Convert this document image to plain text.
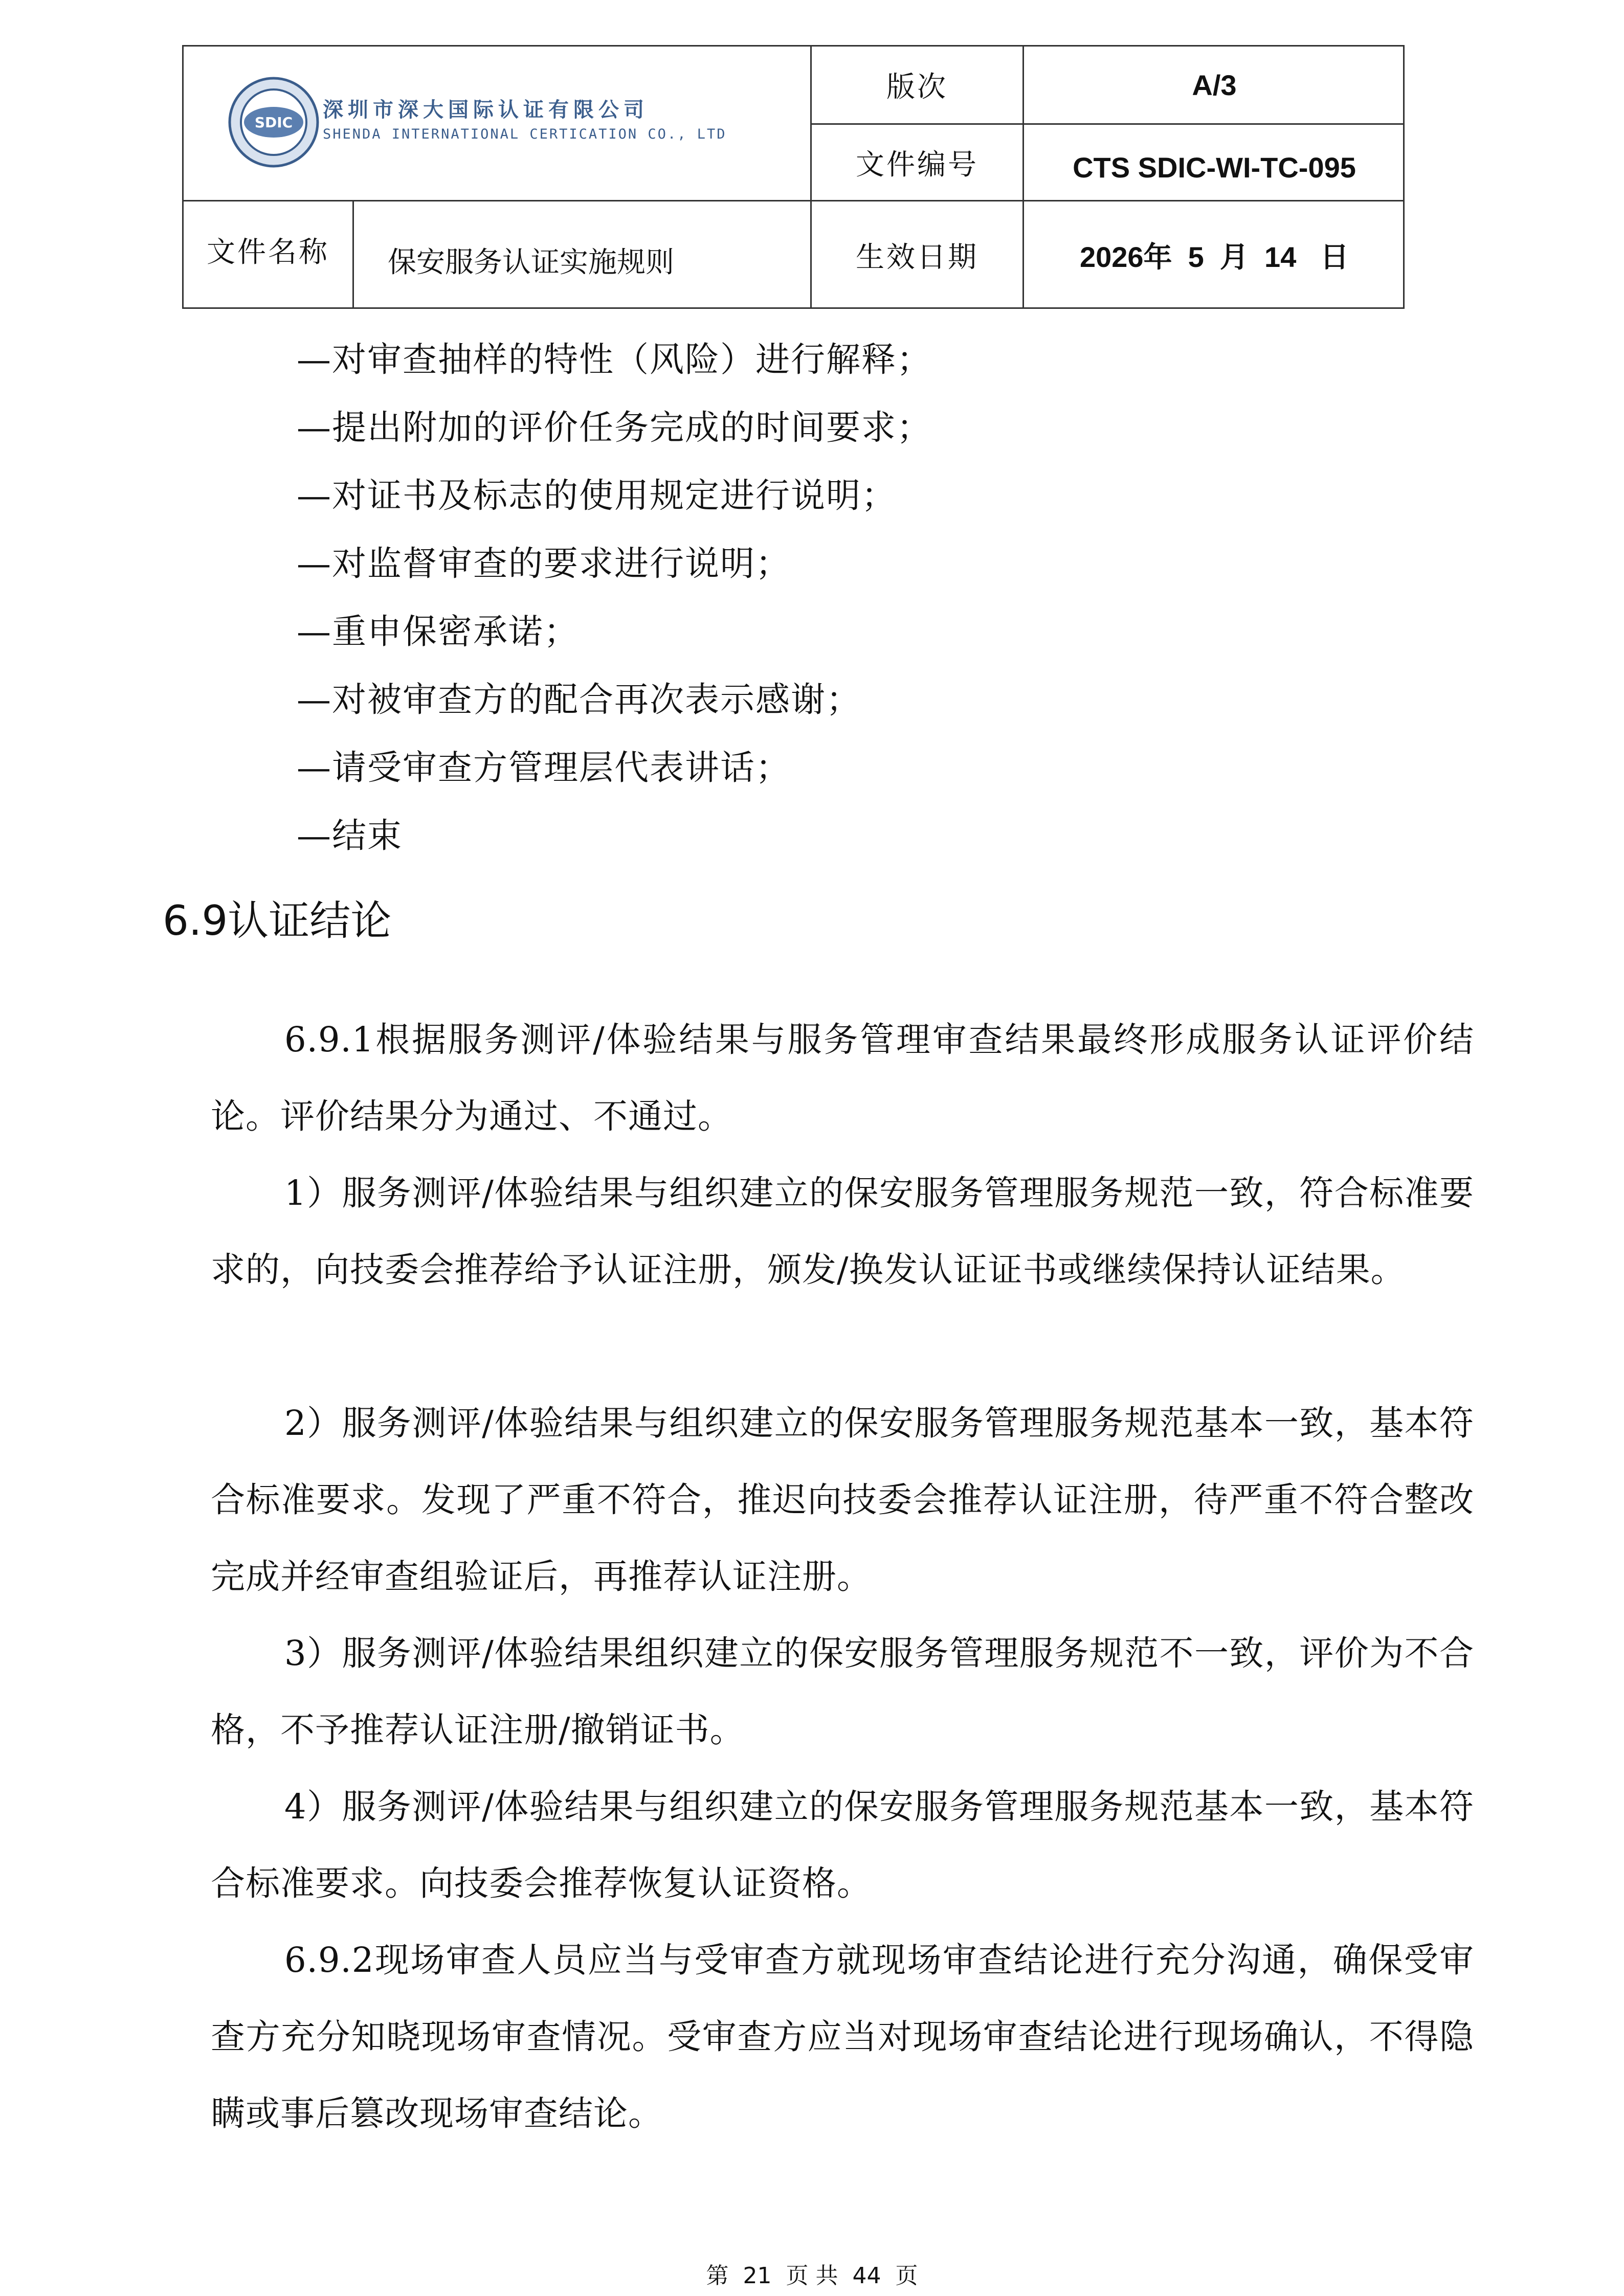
SDIC
深圳市深大国际认证有限公司
SHENDA INTERNATIONAL CERTICATION CO., LTD
版次	A/3
文件编号	CTS SDIC-WI-TC-095
文件名称	保安服务认证实施规则	生效日期	2026年  5  月  14   日
—对审查抽样的特性（风险）进行解释；
—提出附加的评价任务完成的时间要求；
—对证书及标志的使用规定进行说明；
—对监督审查的要求进行说明；
—重申保密承诺；
—对被审查方的配合再次表示感谢；
—请受审查方管理层代表讲话；
—结束
6.9认证结论

6.9.1根据服务测评/体验结果与服务管理审查结果最终形成服务认证评价结论。评价结果分为通过、不通过。

1）服务测评/体验结果与组织建立的保安服务管理服务规范一致，符合标准要求的，向技委会推荐给予认证注册，颁发/换发认证证书或继续保持认证结果。

2）服务测评/体验结果与组织建立的保安服务管理服务规范基本一致，基本符合标准要求。发现了严重不符合，推迟向技委会推荐认证注册，待严重不符合整改完成并经审查组验证后，再推荐认证注册。

3）服务测评/体验结果组织建立的保安服务管理服务规范不一致，评价为不合格，不予推荐认证注册/撤销证书。

4）服务测评/体验结果与组织建立的保安服务管理服务规范基本一致，基本符合标准要求。向技委会推荐恢复认证资格。

6.9.2现场审查人员应当与受审查方就现场审查结论进行充分沟通，确保受审查方充分知晓现场审查情况。受审查方应当对现场审查结论进行现场确认，不得隐瞒或事后篡改现场审查结论。

第 21 页 共 44 页
